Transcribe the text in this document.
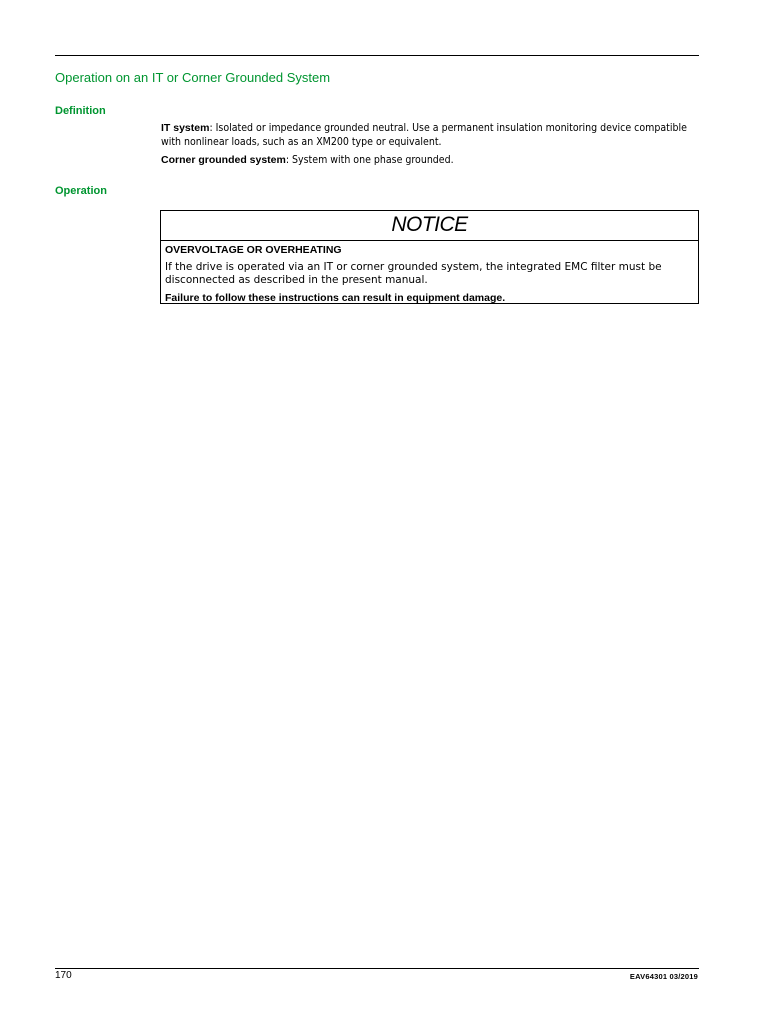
Operation on an IT or Corner Grounded System
Definition

IT system: Isolated or impedance grounded neutral. Use a permanent insulation monitoring device compatible with nonlinear loads, such as an XM200 type or equivalent.

Corner grounded system: System with one phase grounded.

Operation
NOTICE

OVERVOLTAGE OR OVERHEATING

If the drive is operated via an IT or corner grounded system, the integrated EMC filter must be disconnected as described in the present manual.

Failure to follow these instructions can result in equipment damage.

170	EAV64301 03/2019
